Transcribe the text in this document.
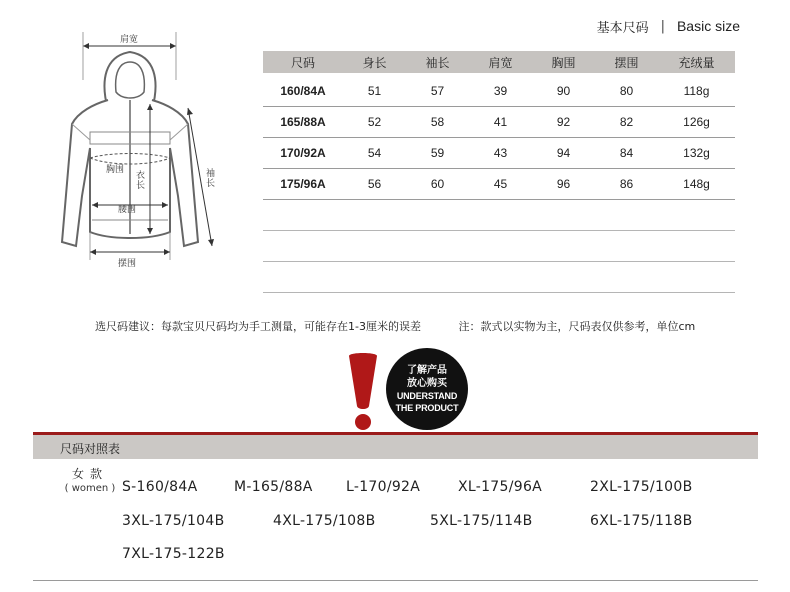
胸围
衣
长
腰围
袖
长
摆围
肩宽
基本尺码 | Basic size
尺码	身长	袖长	肩宽	胸围	摆围	充绒量
160/84A	51	57	39	90	80	118g
165/88A	52	58	41	92	82	126g
170/92A	54	59	43	94	84	132g
175/96A	56	60	45	96	86	148g
选尺码建议：每款宝贝尺码均为手工测量，可能存在1-3厘米的误差	注：款式以实物为主，尺码表仅供参考，单位cm
了解产品
放心购买
UNDERSTAND
THE PRODUCT
尺码对照表
女款
( women ) S-160/84A	M-165/88A L-170/92A	XL-175/96A	2XL-175/100B
3XL-175/104B	4XL-175/108B	5XL-175/114B	6XL-175/118B
7XL-175-122B
